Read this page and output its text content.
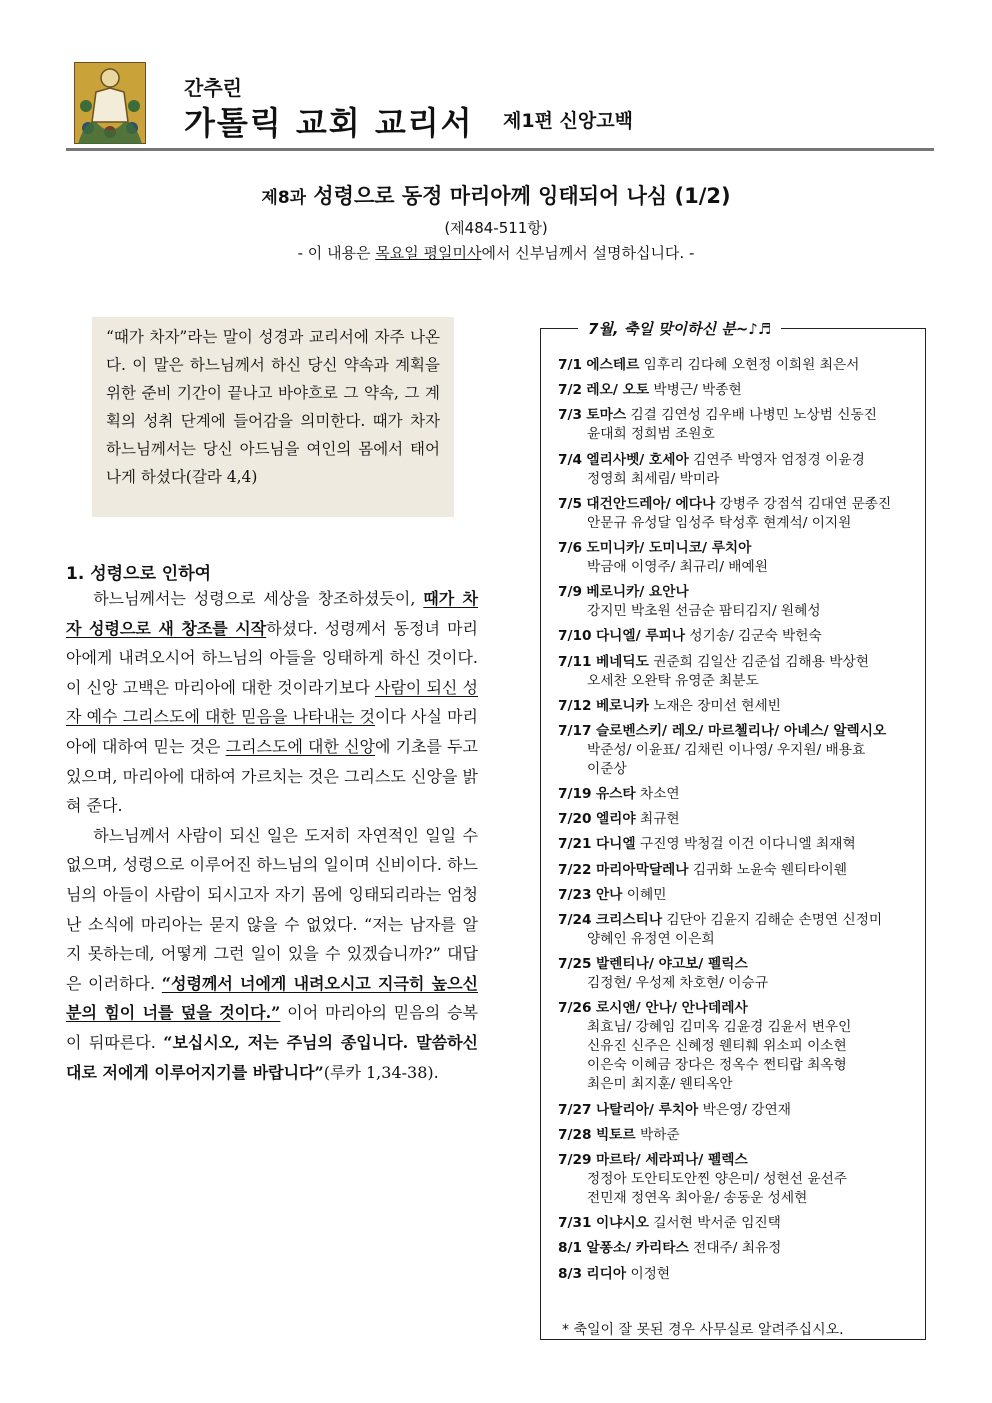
간추린
가톨릭 교회 교리서 제1편 신앙고백
제8과 성령으로 동정 마리아께 잉태되어 나심 (1/2)
(제484-511항)
- 이 내용은 목요일 평일미사에서 신부님께서 설명하십니다. -
“때가 차자”라는 말이 성경과 교리서에 자주 나온다. 이 말은 하느님께서 하신 당신 약속과 계획을 위한 준비 기간이 끝나고 바야흐로 그 약속, 그 계획의 성취 단계에 들어감을 의미한다. 때가 차자 하느님께서는 당신 아드님을 여인의 몸에서 태어나게 하셨다(갈라 4,4)
1. 성령으로 인하여

하느님께서는 성령으로 세상을 창조하셨듯이, 때가 차자 성령으로 새 창조를 시작하셨다. 성령께서 동정녀 마리아에게 내려오시어 하느님의 아들을 잉태하게 하신 것이다. 이 신앙 고백은 마리아에 대한 것이라기보다 사람이 되신 성자 예수 그리스도에 대한 믿음을 나타내는 것이다 사실 마리아에 대하여 믿는 것은 그리스도에 대한 신앙에 기초를 두고 있으며, 마리아에 대하여 가르치는 것은 그리스도 신앙을 밝혀 준다.

하느님께서 사람이 되신 일은 도저히 자연적인 일일 수 없으며, 성령으로 이루어진 하느님의 일이며 신비이다. 하느님의 아들이 사람이 되시고자 자기 몸에 잉태되리라는 엄청난 소식에 마리아는 묻지 않을 수 없었다. “저는 남자를 알지 못하는데, 어떻게 그런 일이 있을 수 있겠습니까?” 대답은 이러하다. “성령께서 너에게 내려오시고 지극히 높으신 분의 힘이 너를 덮을 것이다.” 이어 마리아의 믿음의 승복이 뒤따른다. “보십시오, 저는 주님의 종입니다. 말씀하신 대로 저에게 이루어지기를 바랍니다”(루카 1,34-38).

7월, 축일 맞이하신 분~♪♬
7/1 에스테르 임후리 김다혜 오현정 이희원 최은서
7/2 레오/ 오토 박병근/ 박종현
7/3 토마스 김결 김연성 김우배 나병민 노상범 신동진
윤대희 정희범 조원호
7/4 엘리사벳/ 호세아 김연주 박영자 엄정경 이윤경
정영희 최세림/ 박미라
7/5 대건안드레아/ 에다나 강병주 강점석 김대연 문종진
안문규 유성달 임성주 탁성후 현계석/ 이지원
7/6 도미니카/ 도미니코/ 루치아
박금애 이영주/ 최규리/ 배예원
7/9 베로니카/ 요안나
강지민 박초원 선금순 팜티김지/ 원혜성
7/10 다니엘/ 루피나 성기송/ 김군숙 박헌숙
7/11 베네딕도 권준희 김일산 김준섭 김해용 박상현
오세찬 오완탁 유영준 최분도
7/12 베로니카 노재은 장미선 현세빈
7/17 슬로벤스키/ 레오/ 마르첼리나/ 아녜스/ 알렉시오
박준성/ 이윤표/ 김채린 이나영/ 우지원/ 배용효
이준상
7/19 유스타 차소연
7/20 엘리야 최규현
7/21 다니엘 구진영 박청걸 이건 이다니엘 최재혁
7/22 마리아막달레나 김귀화 노윤숙 웬티타이웬
7/23 안나 이혜민
7/24 크리스티나 김단아 김윤지 김해순 손명연 신정미
양혜인 유정연 이은희
7/25 발렌티나/ 야고보/ 펠릭스
김정현/ 우성제 차호현/ 이승규
7/26 로시앤/ 안나/ 안나데레사
최효님/ 강혜임 김미옥 김윤경 김윤서 변우인
신유진 신주은 신혜정 웬티훼 위소피 이소현
이은숙 이혜금 장다은 정옥수 쩐티랍 최옥형
최은미 최지훈/ 웬티옥안
7/27 나탈리아/ 루치아 박은영/ 강연재
7/28 빅토르 박하준
7/29 마르타/ 세라피나/ 펠렉스
정정아 도안티도안찐 양은미/ 성현선 윤선주
전민재 정연옥 최아윤/ 송동운 성세현
7/31 이냐시오 길서현 박서준 임진택
8/1 알퐁소/ 카리타스 전대주/ 최유정
8/3 리디아 이정현
* 축일이 잘 못된 경우 사무실로 알려주십시오.
